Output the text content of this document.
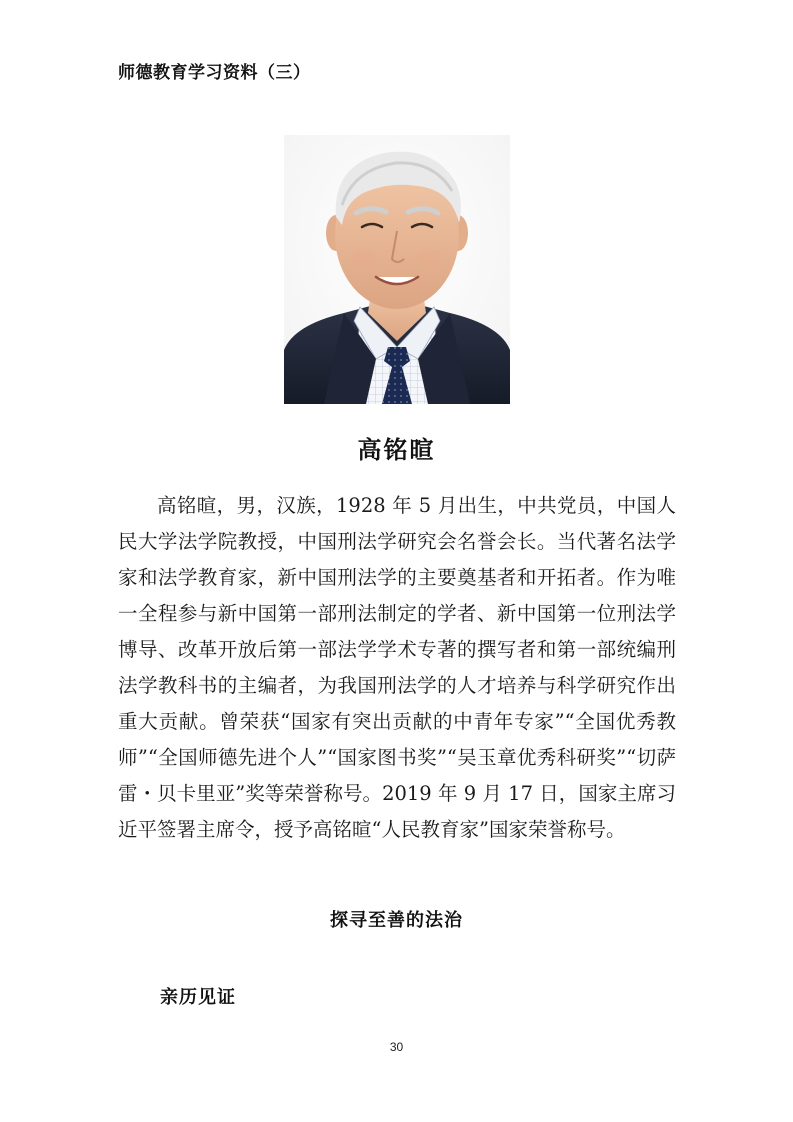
师德教育学习资料（三）
高铭暄

高铭暄，男，汉族，1928 年 5 月出生，中共党员，中国人民大学法学院教授，中国刑法学研究会名誉会长。当代著名法学家和法学教育家，新中国刑法学的主要奠基者和开拓者。作为唯一全程参与新中国第一部刑法制定的学者、新中国第一位刑法学博导、改革开放后第一部法学学术专著的撰写者和第一部统编刑法学教科书的主编者，为我国刑法学的人才培养与科学研究作出重大贡献。曾荣获“国家有突出贡献的中青年专家”“全国优秀教师”“全国师德先进个人”“国家图书奖”“吴玉章优秀科研奖”“切萨雷・贝卡里亚”奖等荣誉称号。2019 年 9 月 17 日，国家主席习近平签署主席令，授予高铭暄“人民教育家”国家荣誉称号。

探寻至善的法治
亲历见证
30
